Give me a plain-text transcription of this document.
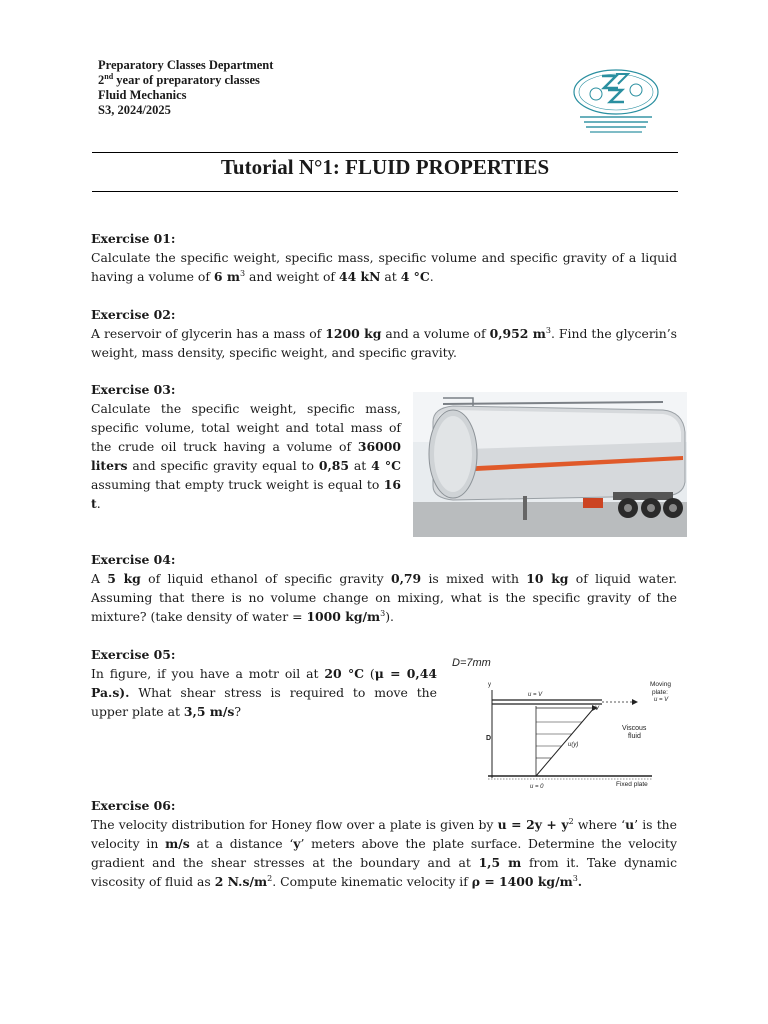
Preparatory Classes Department
2nd year of preparatory classes
Fluid Mechanics
S3, 2024/2025
Tutorial N°1: FLUID PROPERTIES
Exercise 01:

Calculate the specific weight, specific mass, specific volume and specific gravity of a liquid having a volume of 6 $m^3$ and weight of 44 kN at 4 °C.

Exercise 02:

A reservoir of glycerin has a mass of 1200 kg and a volume of 0,952 $m^3$. Find the glycerin’s weight, mass density, specific weight, and specific gravity.

Exercise 03:

Calculate the specific weight, specific mass, specific volume, total weight and total mass of the crude oil truck having a volume of 36000 liters and specific gravity equal to 0,85 at 4 °C assuming that empty truck weight is equal to 16 t.

Exercise 04:

A 5 kg of liquid ethanol of specific gravity 0,79 is mixed with 10 kg of liquid water. Assuming that there is no volume change on mixing, what is the specific gravity of the mixture? (take density of water = 1000 $kg/m^3$).

Exercise 05:

In figure, if you have a motr oil at 20 °C (μ = 0,44 Pa.s). What shear stress is required to move the upper plate at 3,5 m/s?

D=7mm
y
u = V
Moving
plate:
u = V
V
D
u(y)
Viscous
fluid
u = 0	Fixed plate
Exercise 06:

The velocity distribution for Honey flow over a plate is given by $u = 2y + y^2$ where ‘u’ is the velocity in m/s at a distance ‘y’ meters above the plate surface. Determine the velocity gradient and the shear stresses at the boundary and at 1,5 m from it. Take dynamic viscosity of fluid as 2 $N.s/m^2$. Compute kinematic velocity if ρ = 1400 $kg/m^3$.
